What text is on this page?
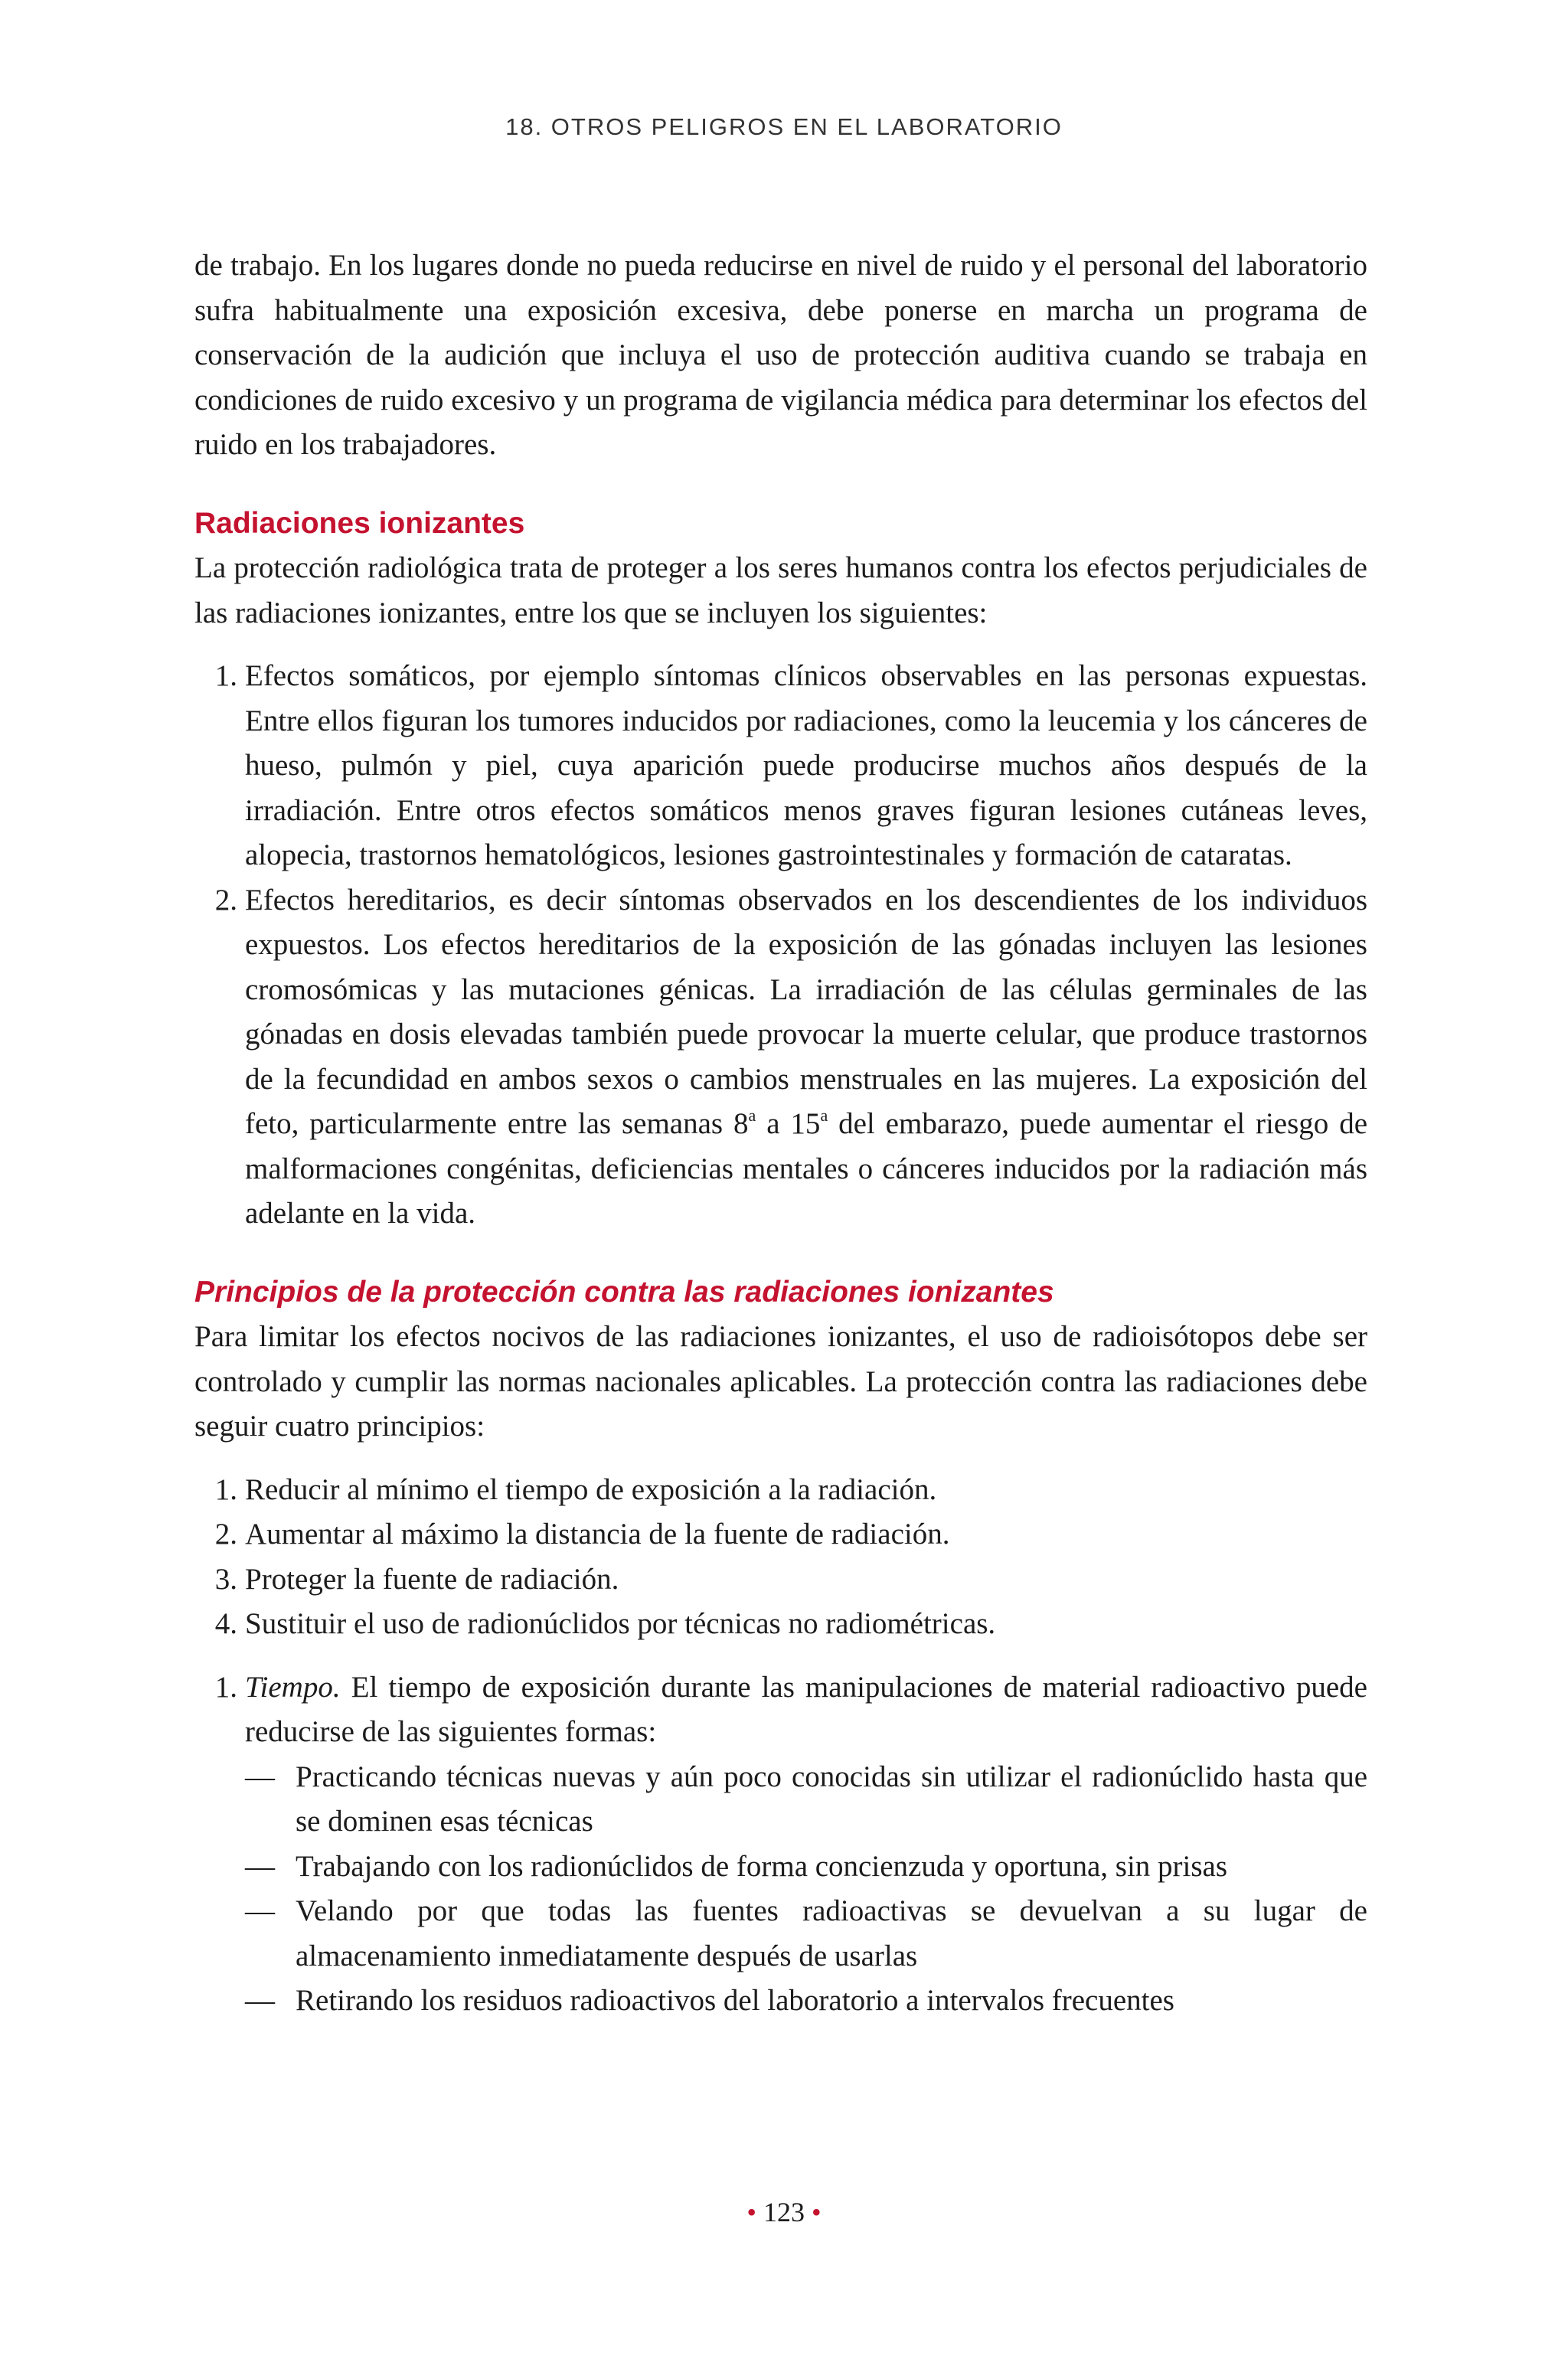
18. OTROS PELIGROS EN EL LABORATORIO

de trabajo. En los lugares donde no pueda reducirse en nivel de ruido y el personal del laboratorio sufra habitualmente una exposición excesiva, debe ponerse en marcha un programa de conservación de la audición que incluya el uso de protección auditiva cuando se trabaja en condiciones de ruido excesivo y un programa de vigilancia médica para determinar los efectos del ruido en los trabajadores.

Radiaciones ionizantes

La protección radiológica trata de proteger a los seres humanos contra los efectos perjudiciales de las radiaciones ionizantes, entre los que se incluyen los siguientes:

1. Efectos somáticos, por ejemplo síntomas clínicos observables en las personas expuestas. Entre ellos figuran los tumores inducidos por radiaciones, como la leucemia y los cánceres de hueso, pulmón y piel, cuya aparición puede producirse muchos años después de la irradiación. Entre otros efectos somáticos menos graves figuran lesiones cutáneas leves, alopecia, trastornos hematológicos, lesiones gastrointestinales y formación de cataratas.
2. Efectos hereditarios, es decir síntomas observados en los descendientes de los individuos expuestos. Los efectos hereditarios de la exposición de las gónadas incluyen las lesiones cromosómicas y las mutaciones génicas. La irradiación de las células germinales de las gónadas en dosis elevadas también puede provocar la muerte celular, que produce trastornos de la fecundidad en ambos sexos o cambios menstruales en las mujeres. La exposición del feto, particularmente entre las semanas 8$^a$ a 15$^a$ del embarazo, puede aumentar el riesgo de malformaciones congénitas, deficiencias mentales o cánceres inducidos por la radiación más adelante en la vida.
Principios de la protección contra las radiaciones ionizantes

Para limitar los efectos nocivos de las radiaciones ionizantes, el uso de radioisótopos debe ser controlado y cumplir las normas nacionales aplicables. La protección contra las radiaciones debe seguir cuatro principios:

1. Reducir al mínimo el tiempo de exposición a la radiación.
2. Aumentar al máximo la distancia de la fuente de radiación.
3. Proteger la fuente de radiación.
4. Sustituir el uso de radionúclidos por técnicas no radiométricas.
1. Tiempo. El tiempo de exposición durante las manipulaciones de material radioactivo puede reducirse de las siguientes formas:
— Practicando técnicas nuevas y aún poco conocidas sin utilizar el radionúclido hasta que se dominen esas técnicas
— Trabajando con los radionúclidos de forma concienzuda y oportuna, sin prisas
— Velando por que todas las fuentes radioactivas se devuelvan a su lugar de almacenamiento inmediatamente después de usarlas
— Retirando los residuos radioactivos del laboratorio a intervalos frecuentes
• 123 •
